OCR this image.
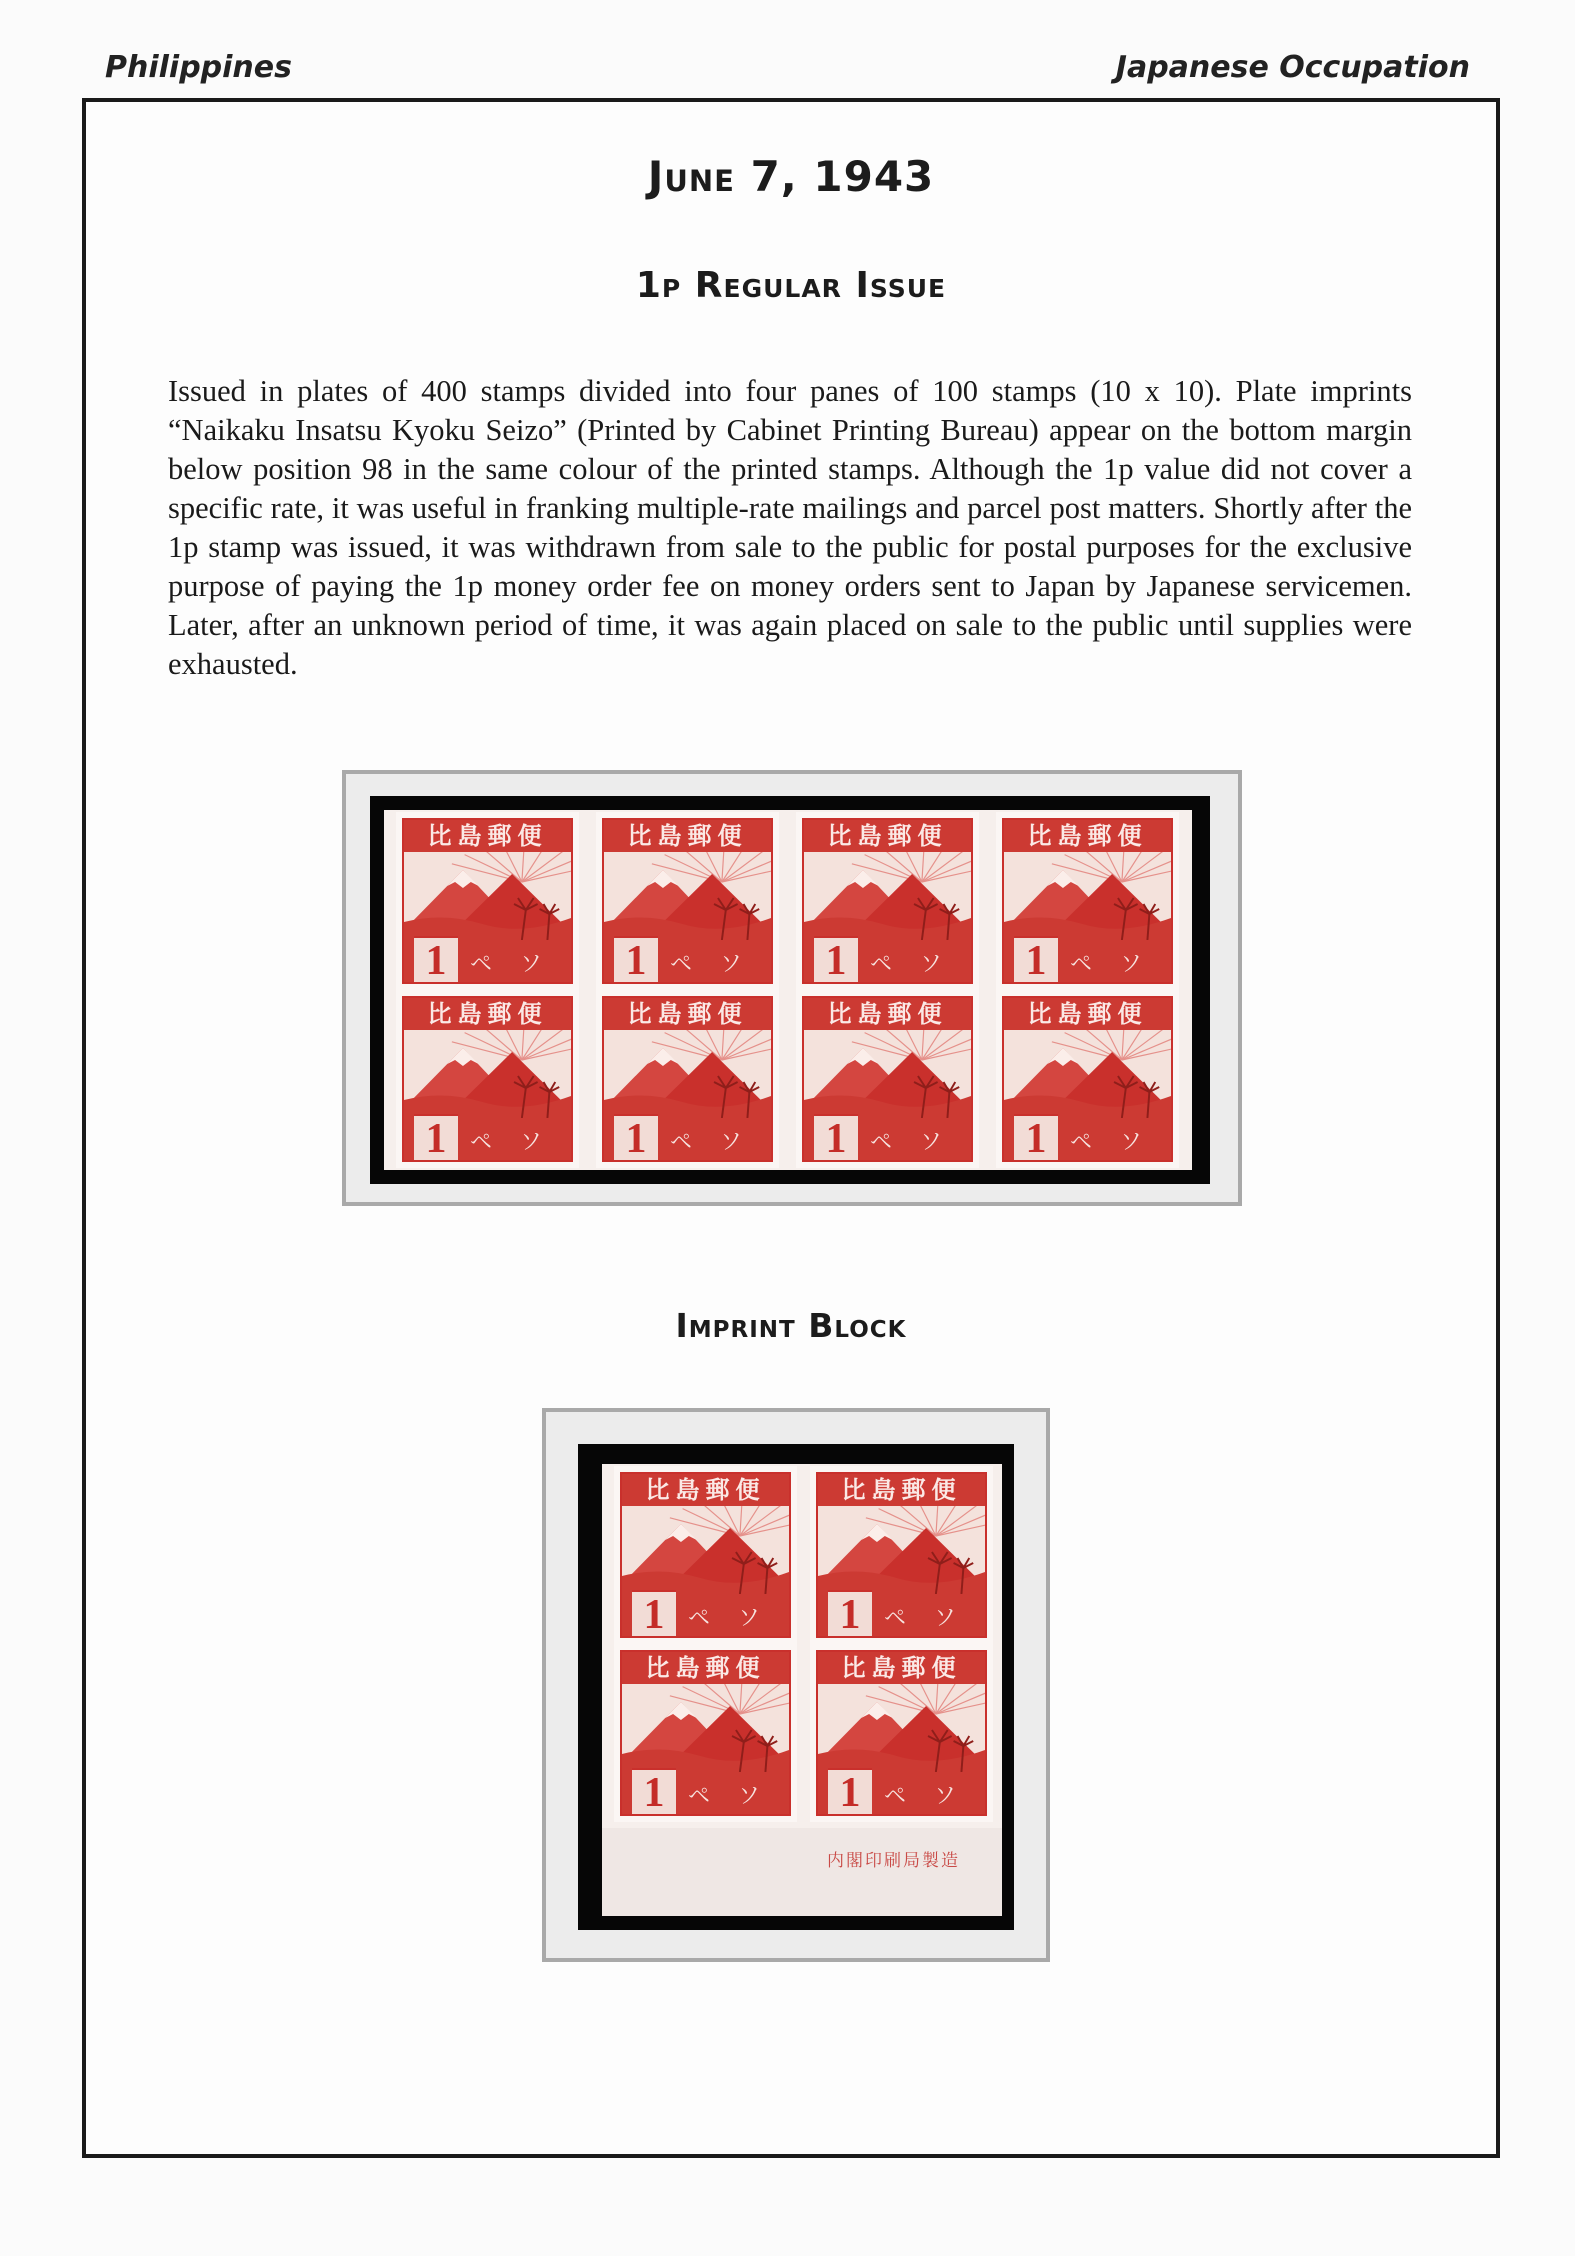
Philippines	Japanese Occupation
June 7, 1943
1p Regular Issue

Issued in plates of 400 stamps divided into four panes of 100 stamps (10 x 10). Plate imprints “Naikaku Insatsu Kyoku Seizo” (Printed by Cabinet Printing Bureau) appear on the bottom margin below position 98 in the same colour of the printed stamps. Although the 1p value did not cover a specific rate, it was useful in franking multiple-rate mailings and parcel post matters. Shortly after the 1p stamp was issued, it was withdrawn from sale to the public for postal purposes for the exclusive purpose of paying the 1p money order fee on money orders sent to Japan by Japanese servicemen. Later, after an unknown period of time, it was again placed on sale to the public until supplies were exhausted.

比島郵便
1	ペソ
比島郵便
1	ペソ
比島郵便
1	ペソ
比島郵便
1	ペソ
比島郵便
1	ペソ
比島郵便
1	ペソ
比島郵便
1	ペソ
比島郵便
1	ペソ
Imprint Block
内閣印刷局製造
比島郵便
1	ペソ
比島郵便
1	ペソ
比島郵便
1	ペソ
比島郵便
1	ペソ
